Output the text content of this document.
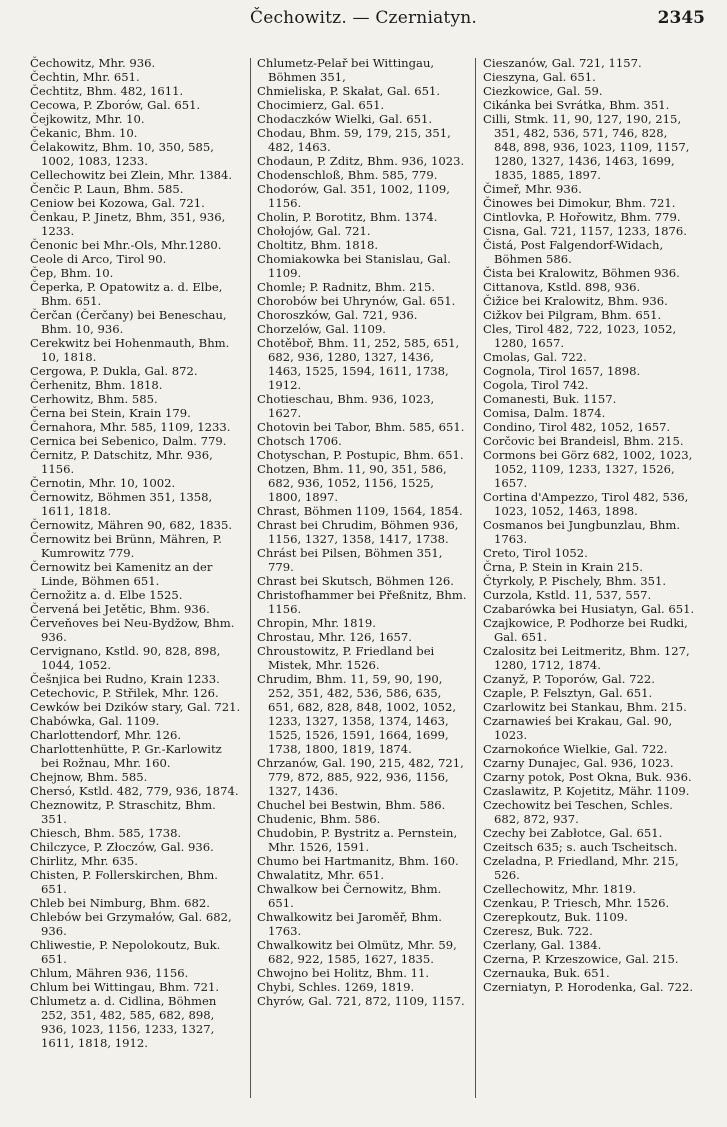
Čechowitz. — Czerniatyn.	2345

Čechowitz, Mhr. 936.

Čechtin, Mhr. 651.

Čechtitz, Bhm. 482, 1611.

Cecowa, P. Zborów, Gal. 651.

Čejkowitz, Mhr. 10.

Čekanic, Bhm. 10.

Čelakowitz, Bhm. 10, 350, 585, 1002, 1083, 1233.

Cellechowitz bei Zlein, Mhr. 1384.

Čenčic P. Laun, Bhm. 585.

Ceniow bei Kozowa, Gal. 721.

Čenkau, P. Jinetz, Bhm, 351, 936, 1233.

Čenonic bei Mhr.-Ols, Mhr.1280.

Ceole di Arco, Tirol 90.

Čep, Bhm. 10.

Čeperka, P. Opatowitz a. d. Elbe, Bhm. 651.

Čerčan (Čerčany) bei Beneschau, Bhm. 10, 936.

Cerekwitz bei Hohenmauth, Bhm. 10, 1818.

Cergowa, P. Dukla, Gal. 872.

Čerhenitz, Bhm. 1818.

Cerhowitz, Bhm. 585.

Černa bei Stein, Krain 179.

Černahora, Mhr. 585, 1109, 1233.

Cernica bei Sebenico, Dalm. 779.

Černitz, P. Datschitz, Mhr. 936, 1156.

Černotin, Mhr. 10, 1002.

Černowitz, Böhmen 351, 1358, 1611, 1818.

Černowitz, Mähren 90, 682, 1835.

Černowitz bei Brünn, Mähren, P. Kumrowitz 779.

Černowitz bei Kamenitz an der Linde, Böhmen 651.

Černožitz a. d. Elbe 1525.

Červená bei Jetětic, Bhm. 936.

Červeňoves bei Neu-Bydžow, Bhm. 936.

Cervignano, Kstld. 90, 828, 898, 1044, 1052.

Češnjica bei Rudno, Krain 1233.

Cetechovic, P. Střilek, Mhr. 126.

Cewków bei Dzików stary, Gal. 721.

Chabówka, Gal. 1109.

Charlottendorf, Mhr. 126.

Charlottenhütte, P. Gr.-Karlowitz bei Rožnau, Mhr. 160.

Chejnow, Bhm. 585.

Chersó, Kstld. 482, 779, 936, 1874.

Cheznowitz, P. Straschitz, Bhm. 351.

Chiesch, Bhm. 585, 1738.

Chilczyce, P. Złoczów, Gal. 936.

Chirlitz, Mhr. 635.

Chisten, P. Follerskirchen, Bhm. 651.

Chleb bei Nimburg, Bhm. 682.

Chlebów bei Grzymałów, Gal. 682, 936.

Chliwestie, P. Nepolokoutz, Buk. 651.

Chlum, Mähren 936, 1156.

Chlum bei Wittingau, Bhm. 721.

Chlumetz a. d. Cidlina, Böhmen 252, 351, 482, 585, 682, 898, 936, 1023, 1156, 1233, 1327, 1611, 1818, 1912.

Chlumetz-Pelař bei Wittingau, Böhmen 351,

Chmieliska, P. Skałat, Gal. 651.

Chocimierz, Gal. 651.

Chodaczków Wielki, Gal. 651.

Chodau, Bhm. 59, 179, 215, 351, 482, 1463.

Chodaun, P. Zditz, Bhm. 936, 1023.

Chodenschloß, Bhm. 585, 779.

Chodorów, Gal. 351, 1002, 1109, 1156.

Cholin, P. Borotitz, Bhm. 1374.

Chołojów, Gal. 721.

Choltitz, Bhm. 1818.

Chomiakowka bei Stanislau, Gal. 1109.

Chomle; P. Radnitz, Bhm. 215.

Chorobów bei Uhrynów, Gal. 651.

Choroszków, Gal. 721, 936.

Chorzelów, Gal. 1109.

Chotěboř, Bhm. 11, 252, 585, 651, 682, 936, 1280, 1327, 1436, 1463, 1525, 1594, 1611, 1738, 1912.

Chotieschau, Bhm. 936, 1023, 1627.

Chotovin bei Tabor, Bhm. 585, 651.

Chotsch 1706.

Chotyschan, P. Postupic, Bhm. 651.

Chotzen, Bhm. 11, 90, 351, 586, 682, 936, 1052, 1156, 1525, 1800, 1897.

Chrast, Böhmen 1109, 1564, 1854.

Chrast bei Chrudim, Böhmen 936, 1156, 1327, 1358, 1417, 1738.

Chrást bei Pilsen, Böhmen 351, 779.

Chrast bei Skutsch, Böhmen 126.

Christofhammer bei Přeßnitz, Bhm. 1156.

Chropin, Mhr. 1819.

Chrostau, Mhr. 126, 1657.

Chroustowitz, P. Friedland bei Mistek, Mhr. 1526.

Chrudim, Bhm. 11, 59, 90, 190, 252, 351, 482, 536, 586, 635, 651, 682, 828, 848, 1002, 1052, 1233, 1327, 1358, 1374, 1463, 1525, 1526, 1591, 1664, 1699, 1738, 1800, 1819, 1874.

Chrzanów, Gal. 190, 215, 482, 721, 779, 872, 885, 922, 936, 1156, 1327, 1436.

Chuchel bei Bestwin, Bhm. 586.

Chudenic, Bhm. 586.

Chudobin, P. Bystritz a. Pernstein, Mhr. 1526, 1591.

Chumo bei Hartmanitz, Bhm. 160.

Chwalatitz, Mhr. 651.

Chwalkow bei Černowitz, Bhm. 651.

Chwalkowitz bei Jaroměř, Bhm. 1763.

Chwalkowitz bei Olmütz, Mhr. 59, 682, 922, 1585, 1627, 1835.

Chwojno bei Holitz, Bhm. 11.

Chybi, Schles. 1269, 1819.

Chyrów, Gal. 721, 872, 1109, 1157.

Cieszanów, Gal. 721, 1157.

Cieszyna, Gal. 651.

Ciezkowice, Gal. 59.

Cikánka bei Svrátka, Bhm. 351.

Cilli, Stmk. 11, 90, 127, 190, 215, 351, 482, 536, 571, 746, 828, 848, 898, 936, 1023, 1109, 1157, 1280, 1327, 1436, 1463, 1699, 1835, 1885, 1897.

Čimeř, Mhr. 936.

Činowes bei Dimokur, Bhm. 721.

Cintlovka, P. Hořowitz, Bhm. 779.

Cisna, Gal. 721, 1157, 1233, 1876.

Čistá, Post Falgendorf-Widach, Böhmen 586.

Čista bei Kralowitz, Böhmen 936.

Cittanova, Kstld. 898, 936.

Čižice bei Kralowitz, Bhm. 936.

Cižkov bei Pilgram, Bhm. 651.

Cles, Tirol 482, 722, 1023, 1052, 1280, 1657.

Cmolas, Gal. 722.

Cognola, Tirol 1657, 1898.

Cogola, Tirol 742.

Comanesti, Buk. 1157.

Comisa, Dalm. 1874.

Condino, Tirol 482, 1052, 1657.

Corčovic bei Brandeisl, Bhm. 215.

Cormons bei Görz 682, 1002, 1023, 1052, 1109, 1233, 1327, 1526, 1657.

Cortina d'Ampezzo, Tirol 482, 536, 1023, 1052, 1463, 1898.

Cosmanos bei Jungbunzlau, Bhm. 1763.

Creto, Tirol 1052.

Črna, P. Stein in Krain 215.

Čtyrkoly, P. Pischely, Bhm. 351.

Curzola, Kstld. 11, 537, 557.

Czabarówka bei Husiatyn, Gal. 651.

Czajkowice, P. Podhorze bei Rudki, Gal. 651.

Czalositz bei Leitmeritz, Bhm. 127, 1280, 1712, 1874.

Czanyž, P. Toporów, Gal. 722.

Czaple, P. Felsztyn, Gal. 651.

Czarlowitz bei Stankau, Bhm. 215.

Czarnawieś bei Krakau, Gal. 90, 1023.

Czarnokońce Wielkie, Gal. 722.

Czarny Dunajec, Gal. 936, 1023.

Czarny potok, Post Okna, Buk. 936.

Czaslawitz, P. Kojetitz, Mähr. 1109.

Czechowitz bei Teschen, Schles. 682, 872, 937.

Czechy bei Zabłotce, Gal. 651.

Czeitsch 635; s. auch Tscheitsch.

Czeladna, P. Friedland, Mhr. 215, 526.

Czellechowitz, Mhr. 1819.

Czenkau, P. Triesch, Mhr. 1526.

Czerepkoutz, Buk. 1109.

Czeresz, Buk. 722.

Czerlany, Gal. 1384.

Czerna, P. Krzeszowice, Gal. 215.

Czernauka, Buk. 651.

Czerniatyn, P. Horodenka, Gal. 722.
